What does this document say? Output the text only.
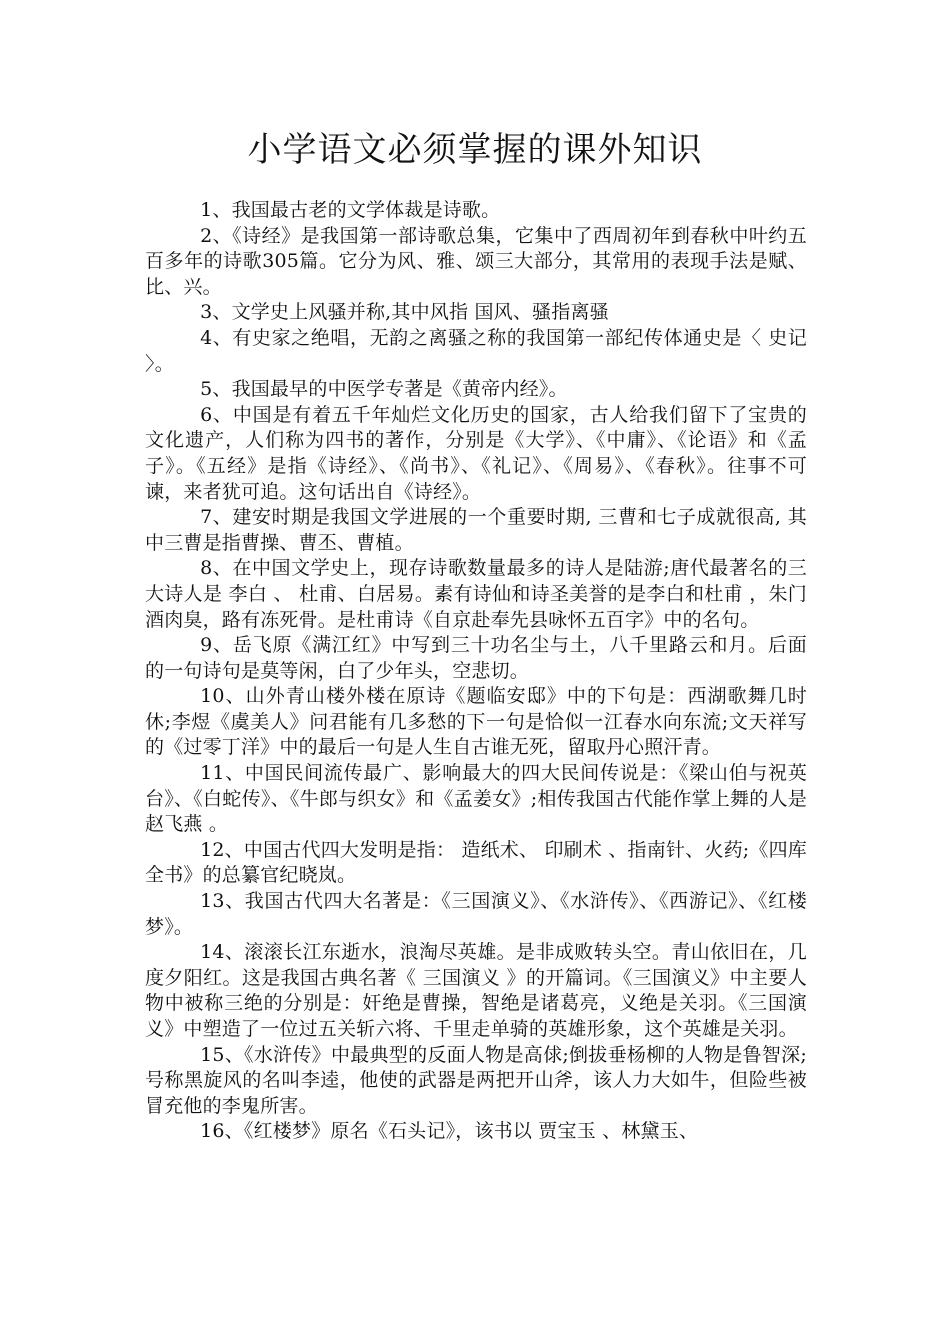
小学语文必须掌握的课外知识

1、我国最古老的文学体裁是诗歌。

2、《诗经》是我国第一部诗歌总集，它集中了西周初年到春秋中叶约五百多年的诗歌305篇。它分为风、雅、颂三大部分，其常用的表现手法是赋、比、兴。

3、文学史上风骚并称,其中风指 国风、骚指离骚

4、有史家之绝唱，无韵之离骚之称的我国第一部纪传体通史是〈 史记 〉。

5、我国最早的中医学专著是《黄帝内经》。

6、中国是有着五千年灿烂文化历史的国家，古人给我们留下了宝贵的文化遗产，人们称为四书的著作，分别是《大学》、《中庸》、《论语》和《孟子》。《五经》是指《诗经》、《尚书》、《礼记》、《周易》、《春秋》。往事不可谏，来者犹可追。这句话出自《诗经》。

7、建安时期是我国文学进展的一个重要时期, 三曹和七子成就很高, 其中三曹是指曹操、曹丕、曹植。

8、在中国文学史上，现存诗歌数量最多的诗人是陆游;唐代最著名的三大诗人是 李白 、 杜甫、白居易。素有诗仙和诗圣美誉的是李白和杜甫 ，朱门酒肉臭，路有冻死骨。是杜甫诗《自京赴奉先县咏怀五百字》中的名句。

9、岳飞原《满江红》中写到三十功名尘与土，八千里路云和月。后面的一句诗句是莫等闲，白了少年头，空悲切。

10、山外青山楼外楼在原诗《题临安邸》中的下句是：西湖歌舞几时休;李煜《虞美人》问君能有几多愁的下一句是恰似一江春水向东流;文天祥写的《过零丁洋》中的最后一句是人生自古谁无死，留取丹心照汗青。

11、中国民间流传最广、影响最大的四大民间传说是：《梁山伯与祝英台》、《白蛇传》、《牛郎与织女》和《孟姜女》;相传我国古代能作掌上舞的人是 赵飞燕 。

12、中国古代四大发明是指： 造纸术、 印刷术 、指南针、火药;《四库全书》的总纂官纪晓岚。

13、我国古代四大名著是：《三国演义》、《水浒传》、《西游记》、《红楼梦》。

14、滚滚长江东逝水，浪淘尽英雄。是非成败转头空。青山依旧在，几度夕阳红。这是我国古典名著《 三国演义 》的开篇词。《三国演义》中主要人物中被称三绝的分别是：奸绝是曹操，智绝是诸葛亮，义绝是关羽。《三国演义》中塑造了一位过五关斩六将、千里走单骑的英雄形象，这个英雄是关羽。

15、《水浒传》中最典型的反面人物是高俅;倒拔垂杨柳的人物是鲁智深;号称黑旋风的名叫李逵，他使的武器是两把开山斧，该人力大如牛，但险些被冒充他的李鬼所害。

16、《红楼梦》原名《石头记》，该书以 贾宝玉 、林黛玉、
